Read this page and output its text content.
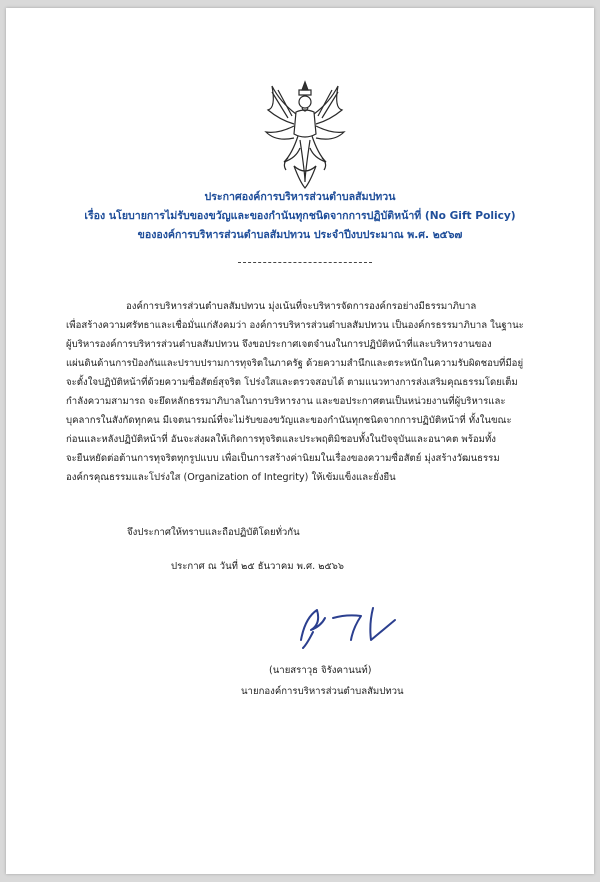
ประกาศองค์การบริหารส่วนตำบลสัมปทวน
เรื่อง นโยบายการไม่รับของขวัญและของกำนันทุกชนิดจากการปฏิบัติหน้าที่ (No Gift Policy)
ขององค์การบริหารส่วนตำบลสัมปทวน ประจำปีงบประมาณ พ.ศ. ๒๕๖๗
องค์การบริหารส่วนตำบลสัมปทวน มุ่งเน้นที่จะบริหารจัดการองค์กรอย่างมีธรรมาภิบาล
เพื่อสร้างความศรัทธาและเชื่อมั่นแก่สังคมว่า องค์การบริหารส่วนตำบลสัมปทวน เป็นองค์กรธรรมาภิบาล ในฐานะ
ผู้บริหารองค์การบริหารส่วนตำบลสัมปทวน จึงขอประกาศเจตจำนงในการปฏิบัติหน้าที่และบริหารงานของ
แผ่นดินด้านการป้องกันและปราบปรามการทุจริตในภาครัฐ ด้วยความสำนึกและตระหนักในความรับผิดชอบที่มีอยู่
จะตั้งใจปฏิบัติหน้าที่ด้วยความซื่อสัตย์สุจริต โปร่งใสและตรวจสอบได้ ตามแนวทางการส่งเสริมคุณธรรมโดยเต็ม
กำลังความสามารถ จะยึดหลักธรรมาภิบาลในการบริหารงาน และขอประกาศตนเป็นหน่วยงานที่ผู้บริหารและ
บุคลากรในสังกัดทุกคน มีเจตนารมณ์ที่จะไม่รับของขวัญและของกำนันทุกชนิดจากการปฏิบัติหน้าที่ ทั้งในขณะ
ก่อนและหลังปฏิบัติหน้าที่ อันจะส่งผลให้เกิดการทุจริตและประพฤติมิชอบทั้งในปัจจุบันและอนาคต พร้อมทั้ง
จะยืนหยัดต่อต้านการทุจริตทุกรูปแบบ เพื่อเป็นการสร้างค่านิยมในเรื่องของความซื่อสัตย์ มุ่งสร้างวัฒนธรรม
องค์กรคุณธรรมและโปร่งใส (Organization of Integrity) ให้เข้มแข็งและยั่งยืน
จึงประกาศให้ทราบและถือปฏิบัติโดยทั่วกัน
ประกาศ ณ วันที่ ๒๕ ธันวาคม พ.ศ. ๒๕๖๖
(นายสราวุธ จิรังคานนท์)
นายกองค์การบริหารส่วนตำบลสัมปทวน
